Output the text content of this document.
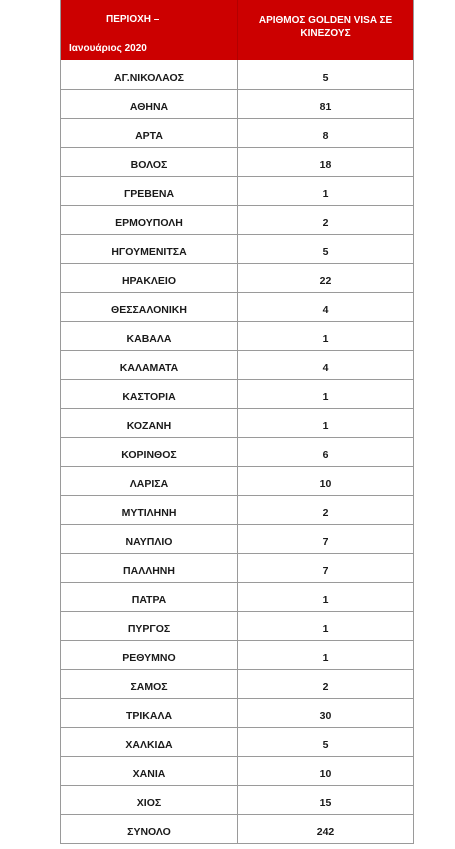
ΠΕΡΙΟΧΗ –
Ιανουάριος 2020
ΑΡΙΘΜΟΣ GOLDEN VISA ΣΕ ΚΙΝΕΖΟΥΣ
ΑΓ.ΝΙΚΟΛΑΟΣ	5
ΑΘΗΝΑ	81
ΑΡΤΑ	8
ΒΟΛΟΣ	18
ΓΡΕΒΕΝΑ	1
ΕΡΜΟΥΠΟΛΗ	2
ΗΓΟΥΜΕΝΙΤΣΑ	5
ΗΡΑΚΛΕΙΟ	22
ΘΕΣΣΑΛΟΝΙΚΗ	4
ΚΑΒΑΛΑ	1
ΚΑΛΑΜΑΤΑ	4
ΚΑΣΤΟΡΙΑ	1
ΚΟΖΑΝΗ	1
ΚΟΡΙΝΘΟΣ	6
ΛΑΡΙΣΑ	10
ΜΥΤΙΛΗΝΗ	2
ΝΑΥΠΛΙΟ	7
ΠΑΛΛΗΝΗ	7
ΠΑΤΡΑ	1
ΠΥΡΓΟΣ	1
ΡΕΘΥΜΝΟ	1
ΣΑΜΟΣ	2
ΤΡΙΚΑΛΑ	30
ΧΑΛΚΙΔΑ	5
ΧΑΝΙΑ	10
ΧΙΟΣ	15
ΣΥΝΟΛΟ	242
